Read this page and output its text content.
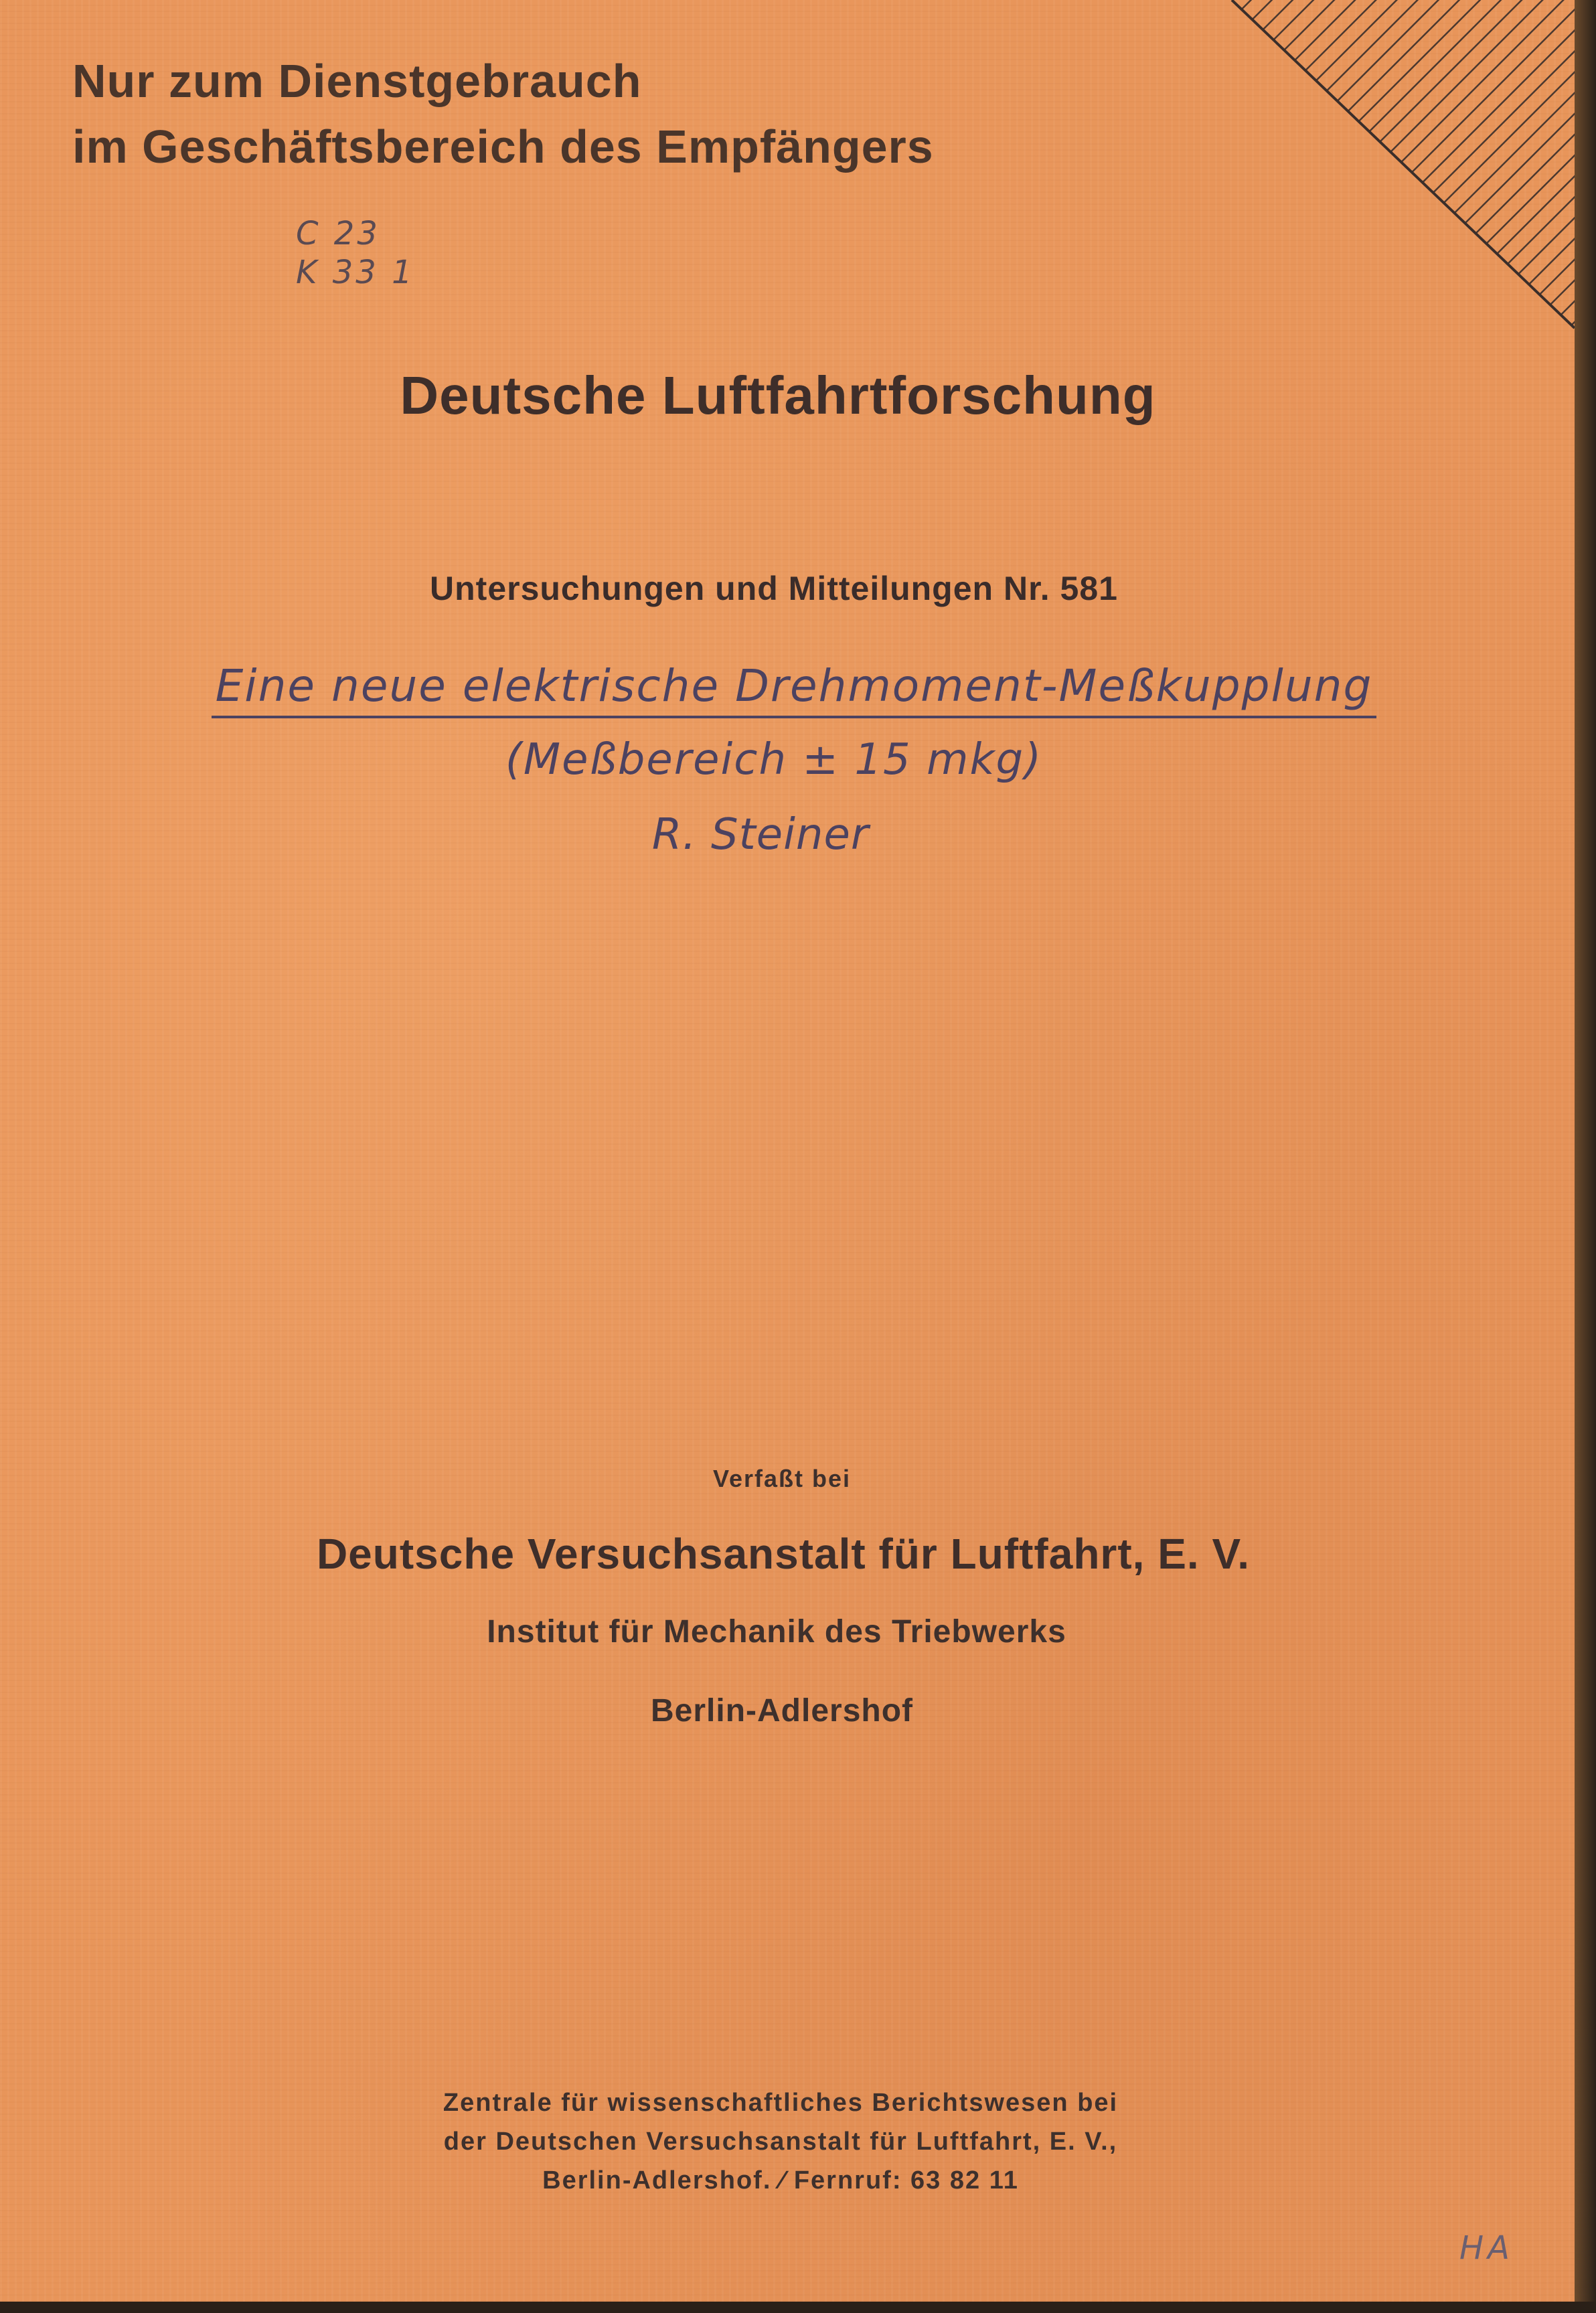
Nur zum Dienstgebrauch
im Geschäftsbereich des Empfängers
C 23
K 33 1
Deutsche Luftfahrtforschung
Untersuchungen und Mitteilungen Nr. 581
Eine neue elektrische Drehmoment-Meßkupplung
(Meßbereich ± 15 mkg)
R. Steiner
Verfaßt bei
Deutsche Versuchsanstalt für Luftfahrt, E. V.
Institut für Mechanik des Triebwerks
Berlin-Adlershof
Zentrale für wissenschaftliches Berichtswesen bei
der Deutschen Versuchsanstalt für Luftfahrt, E. V.,
Berlin-Adlershof. ⁄ Fernruf: 63 82 11
HA
